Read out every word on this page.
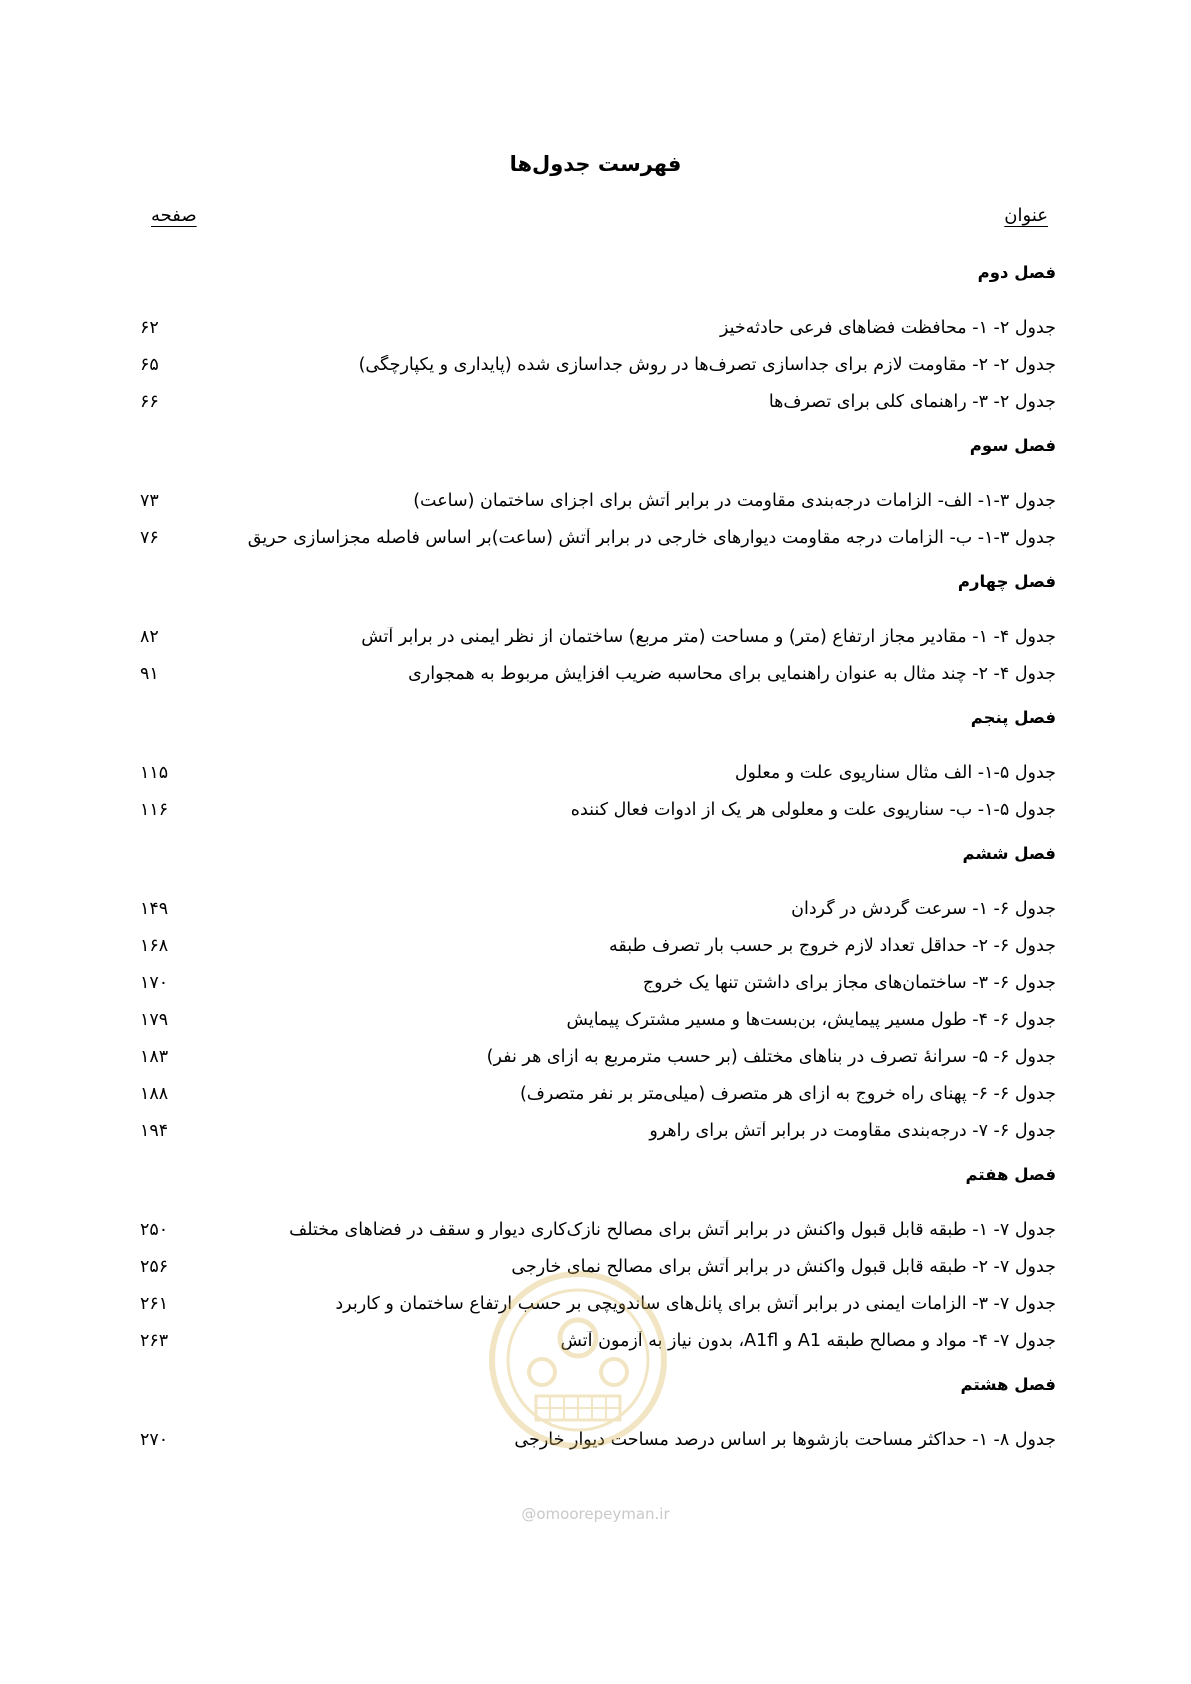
فهرست جدول‌ها
عنوان
صفحه
فصل دوم
جدول ۲- ۱- محافظت فضاهای فرعی حادثه‌خیز
۶۲
جدول ۲- ۲- مقاومت لازم برای جداسازی تصرف‌ها در روش جداسازی شده (پایداری و یکپارچگی)
۶۵
جدول ۲- ۳- راهنمای کلی برای تصرف‌ها
۶۶
فصل سوم
جدول ۳-۱- الف- الزامات درجه‌بندی مقاومت در برابر آتش برای اجزای ساختمان (ساعت)
۷۳
جدول ۳-۱- ب- الزامات درجه مقاومت دیوارهای خارجی در برابر آتش (ساعت)بر اساس فاصله مجزاسازی حریق
۷۶
فصل چهارم
جدول ۴- ۱- مقادیر مجاز ارتفاع (متر) و مساحت (متر مربع) ساختمان از نظر ایمنی در برابر آتش
۸۲
جدول ۴- ۲- چند مثال به عنوان راهنمایی برای محاسبه ضریب افزایش مربوط به همجواری
۹۱
فصل پنجم
جدول ۵-۱- الف مثال سناریوی علت و معلول
۱۱۵
جدول ۵-۱- ب- سناریوی علت و معلولی هر یک از ادوات فعال کننده
۱۱۶
فصل ششم
جدول ۶- ۱- سرعت گردش در گردان
۱۴۹
جدول ۶- ۲- حداقل تعداد لازم خروج بر حسب بار تصرف طبقه
۱۶۸
جدول ۶- ۳- ساختمان‌های مجاز برای داشتن تنها یک خروج
۱۷۰
جدول ۶- ۴- طول مسیر پیمایش، بن‌بست‌ها و مسیر مشترک پیمایش
۱۷۹
جدول ۶- ۵- سرانهٔ تصرف در بناهای مختلف (بر حسب مترمربع به ازای هر نفر)
۱۸۳
جدول ۶- ۶- پهنای راه خروج به ازای هر متصرف (میلی‌متر بر نفر متصرف)
۱۸۸
جدول ۶- ۷- درجه‌بندی مقاومت در برابر آتش برای راهرو
۱۹۴
فصل هفتم
جدول ۷- ۱- طبقه قابل قبول واکنش در برابر آتش برای مصالح نازک‌کاری دیوار و سقف در فضاهای مختلف
۲۵۰
جدول ۷- ۲- طبقه قابل قبول واکنش در برابر آتش برای مصالح نمای خارجی
۲۵۶
جدول ۷- ۳- الزامات ایمنی در برابر آتش برای پانل‌های ساندویچی بر حسب ارتفاع ساختمان و کاربرد
۲۶۱
جدول ۷- ۴- مواد و مصالح طبقه A1 و A1fl، بدون نیاز به آزمون آتش
۲۶۳
فصل هشتم
جدول ۸- ۱- حداکثر مساحت بازشوها بر اساس درصد مساحت دیوار خارجی
۲۷۰
@omoorepeyman.ir
